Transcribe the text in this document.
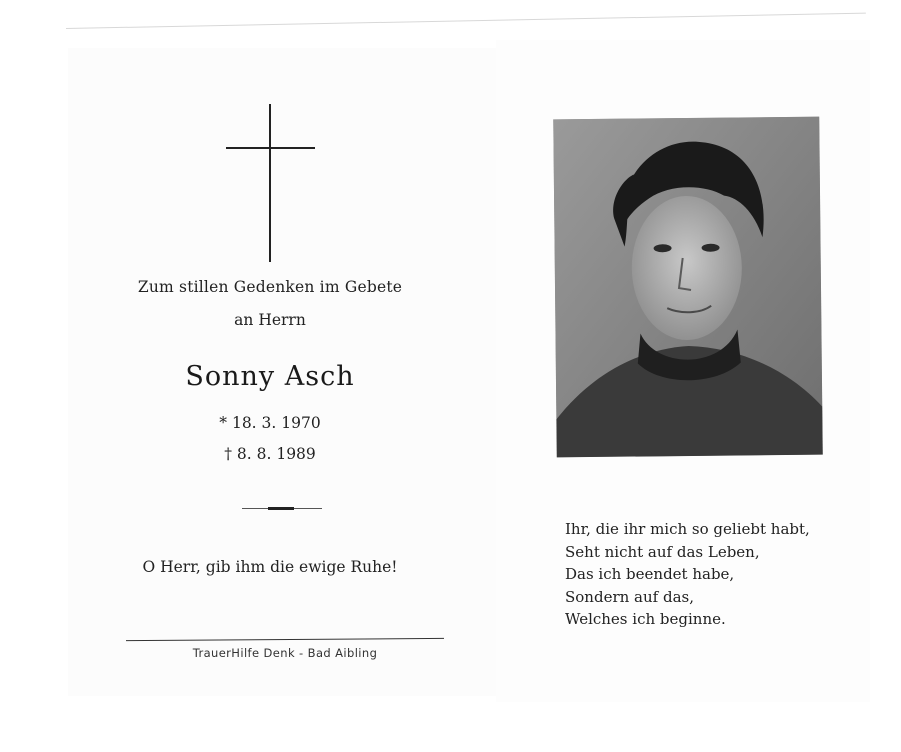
Zum stillen Gedenken im Gebete
an Herrn
Sonny Asch
* 18. 3. 1970
† 8. 8. 1989
O Herr, gib ihm die ewige Ruhe!
TrauerHilfe Denk - Bad Aibling
Ihr, die ihr mich so geliebt habt,
Seht nicht auf das Leben,
Das ich beendet habe,
Sondern auf das,
Welches ich beginne.
